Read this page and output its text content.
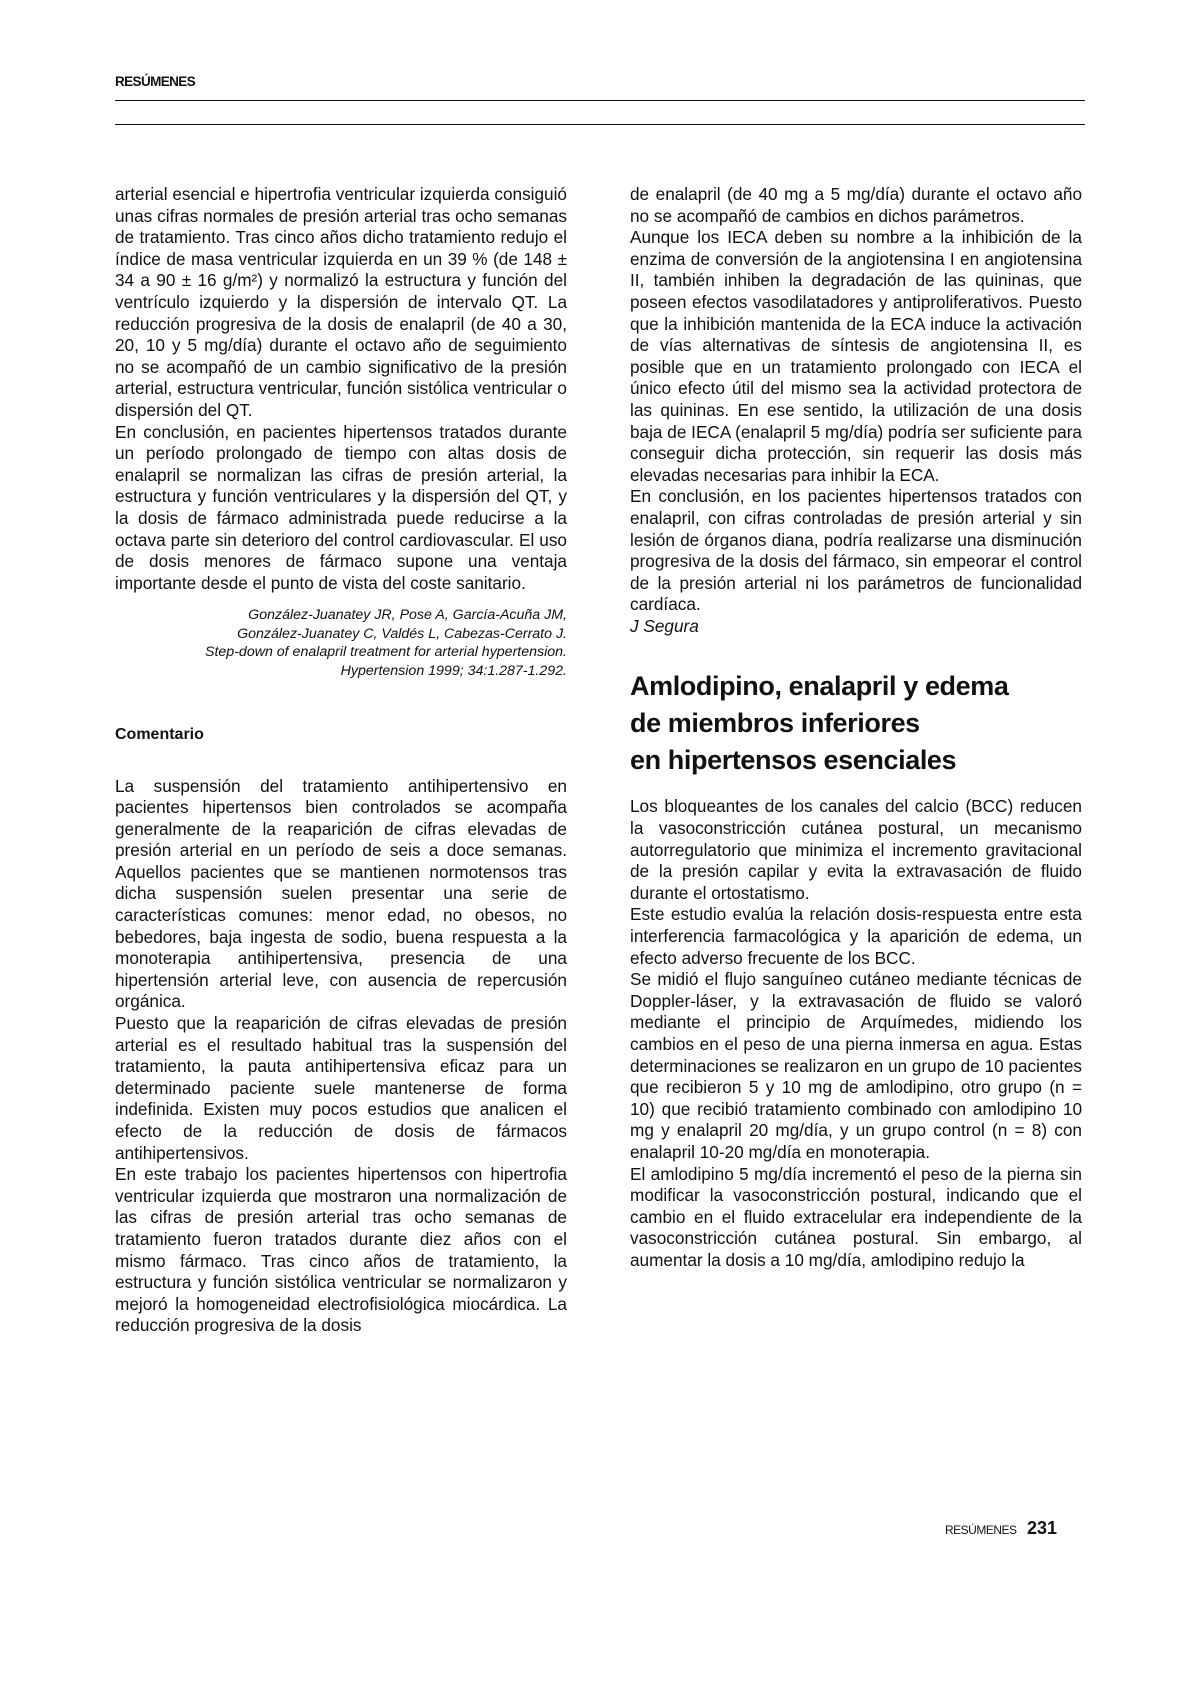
RESÚMENES

arterial esencial e hipertrofia ventricular izquierda consiguió unas cifras normales de presión arterial tras ocho semanas de tratamiento. Tras cinco años dicho tratamiento redujo el índice de masa ventricular izquierda en un 39 % (de 148 ± 34 a 90 ± 16 g/m²) y normalizó la estructura y función del ventrículo izquierdo y la dispersión de intervalo QT. La reducción progresiva de la dosis de enalapril (de 40 a 30, 20, 10 y 5 mg/día) durante el octavo año de seguimiento no se acompañó de un cambio significativo de la presión arterial, estructura ventricular, función sistólica ventricular o dispersión del QT.

En conclusión, en pacientes hipertensos tratados durante un período prolongado de tiempo con altas dosis de enalapril se normalizan las cifras de presión arterial, la estructura y función ventriculares y la dispersión del QT, y la dosis de fármaco administrada puede reducirse a la octava parte sin deterioro del control cardiovascular. El uso de dosis menores de fármaco supone una ventaja importante desde el punto de vista del coste sanitario.

González-Juanatey JR, Pose A, García-Acuña JM,
González-Juanatey C, Valdés L, Cabezas-Cerrato J.
Step-down of enalapril treatment for arterial hypertension.
Hypertension 1999; 34:1.287-1.292.
Comentario

La suspensión del tratamiento antihipertensivo en pacientes hipertensos bien controlados se acompaña generalmente de la reaparición de cifras elevadas de presión arterial en un período de seis a doce semanas. Aquellos pacientes que se mantienen normotensos tras dicha suspensión suelen presentar una serie de características comunes: menor edad, no obesos, no bebedores, baja ingesta de sodio, buena respuesta a la monoterapia antihipertensiva, presencia de una hipertensión arterial leve, con ausencia de repercusión orgánica.

Puesto que la reaparición de cifras elevadas de presión arterial es el resultado habitual tras la suspensión del tratamiento, la pauta antihipertensiva eficaz para un determinado paciente suele mantenerse de forma indefinida. Existen muy pocos estudios que analicen el efecto de la reducción de dosis de fármacos antihipertensivos.

En este trabajo los pacientes hipertensos con hipertrofia ventricular izquierda que mostraron una normalización de las cifras de presión arterial tras ocho semanas de tratamiento fueron tratados durante diez años con el mismo fármaco. Tras cinco años de tratamiento, la estructura y función sistólica ventricular se normalizaron y mejoró la homogeneidad electrofisiológica miocárdica. La reducción progresiva de la dosis

de enalapril (de 40 mg a 5 mg/día) durante el octavo año no se acompañó de cambios en dichos parámetros.

Aunque los IECA deben su nombre a la inhibición de la enzima de conversión de la angiotensina I en angiotensina II, también inhiben la degradación de las quininas, que poseen efectos vasodilatadores y antiproliferativos. Puesto que la inhibición mantenida de la ECA induce la activación de vías alternativas de síntesis de angiotensina II, es posible que en un tratamiento prolongado con IECA el único efecto útil del mismo sea la actividad protectora de las quininas. En ese sentido, la utilización de una dosis baja de IECA (enalapril 5 mg/día) podría ser suficiente para conseguir dicha protección, sin requerir las dosis más elevadas necesarias para inhibir la ECA.

En conclusión, en los pacientes hipertensos tratados con enalapril, con cifras controladas de presión arterial y sin lesión de órganos diana, podría realizarse una disminución progresiva de la dosis del fármaco, sin empeorar el control de la presión arterial ni los parámetros de funcionalidad cardíaca.

J Segura

Amlodipino, enalapril y edema
de miembros inferiores
en hipertensos esenciales

Los bloqueantes de los canales del calcio (BCC) reducen la vasoconstricción cutánea postural, un mecanismo autorregulatorio que minimiza el incremento gravitacional de la presión capilar y evita la extravasación de fluido durante el ortostatismo.

Este estudio evalúa la relación dosis-respuesta entre esta interferencia farmacológica y la aparición de edema, un efecto adverso frecuente de los BCC.

Se midió el flujo sanguíneo cutáneo mediante técnicas de Doppler-láser, y la extravasación de fluido se valoró mediante el principio de Arquímedes, midiendo los cambios en el peso de una pierna inmersa en agua. Estas determinaciones se realizaron en un grupo de 10 pacientes que recibieron 5 y 10 mg de amlodipino, otro grupo (n = 10) que recibió tratamiento combinado con amlodipino 10 mg y enalapril 20 mg/día, y un grupo control (n = 8) con enalapril 10-20 mg/día en monoterapia.

El amlodipino 5 mg/día incrementó el peso de la pierna sin modificar la vasoconstricción postural, indicando que el cambio en el fluido extracelular era independiente de la vasoconstricción cutánea postural. Sin embargo, al aumentar la dosis a 10 mg/día, amlodipino redujo la

RESÚMENES 231
